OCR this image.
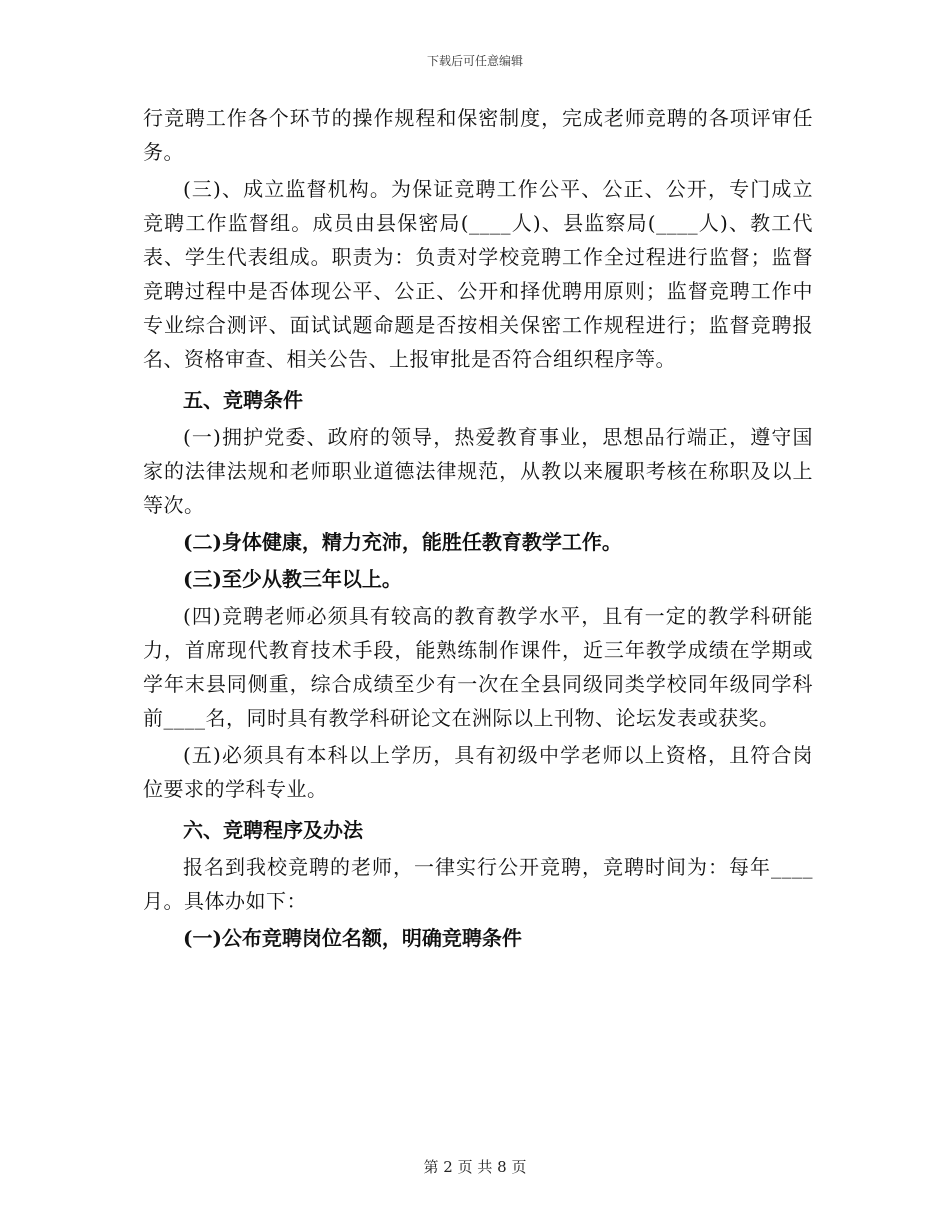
下载后可任意编辑

行竞聘工作各个环节的操作规程和保密制度，完成老师竞聘的各项评审任务。

(三)、成立监督机构。为保证竞聘工作公平、公正、公开，专门成立竞聘工作监督组。成员由县保密局(____人)、县监察局(____人)、教工代表、学生代表组成。职责为：负责对学校竞聘工作全过程进行监督；监督竞聘过程中是否体现公平、公正、公开和择优聘用原则；监督竞聘工作中专业综合测评、面试试题命题是否按相关保密工作规程进行；监督竞聘报名、资格审查、相关公告、上报审批是否符合组织程序等。

五、竞聘条件

(一)拥护党委、政府的领导，热爱教育事业，思想品行端正，遵守国家的法律法规和老师职业道德法律规范，从教以来履职考核在称职及以上等次。

(二)身体健康，精力充沛，能胜任教育教学工作。

(三)至少从教三年以上。

(四)竞聘老师必须具有较高的教育教学水平，且有一定的教学科研能力，首席现代教育技术手段，能熟练制作课件，近三年教学成绩在学期或学年末县同侧重，综合成绩至少有一次在全县同级同类学校同年级同学科前____名，同时具有教学科研论文在洲际以上刊物、论坛发表或获奖。

(五)必须具有本科以上学历，具有初级中学老师以上资格，且符合岗位要求的学科专业。

六、竞聘程序及办法

报名到我校竞聘的老师，一律实行公开竞聘，竞聘时间为：每年____月。具体办如下：

(一)公布竞聘岗位名额，明确竞聘条件

第 2 页 共 8 页
